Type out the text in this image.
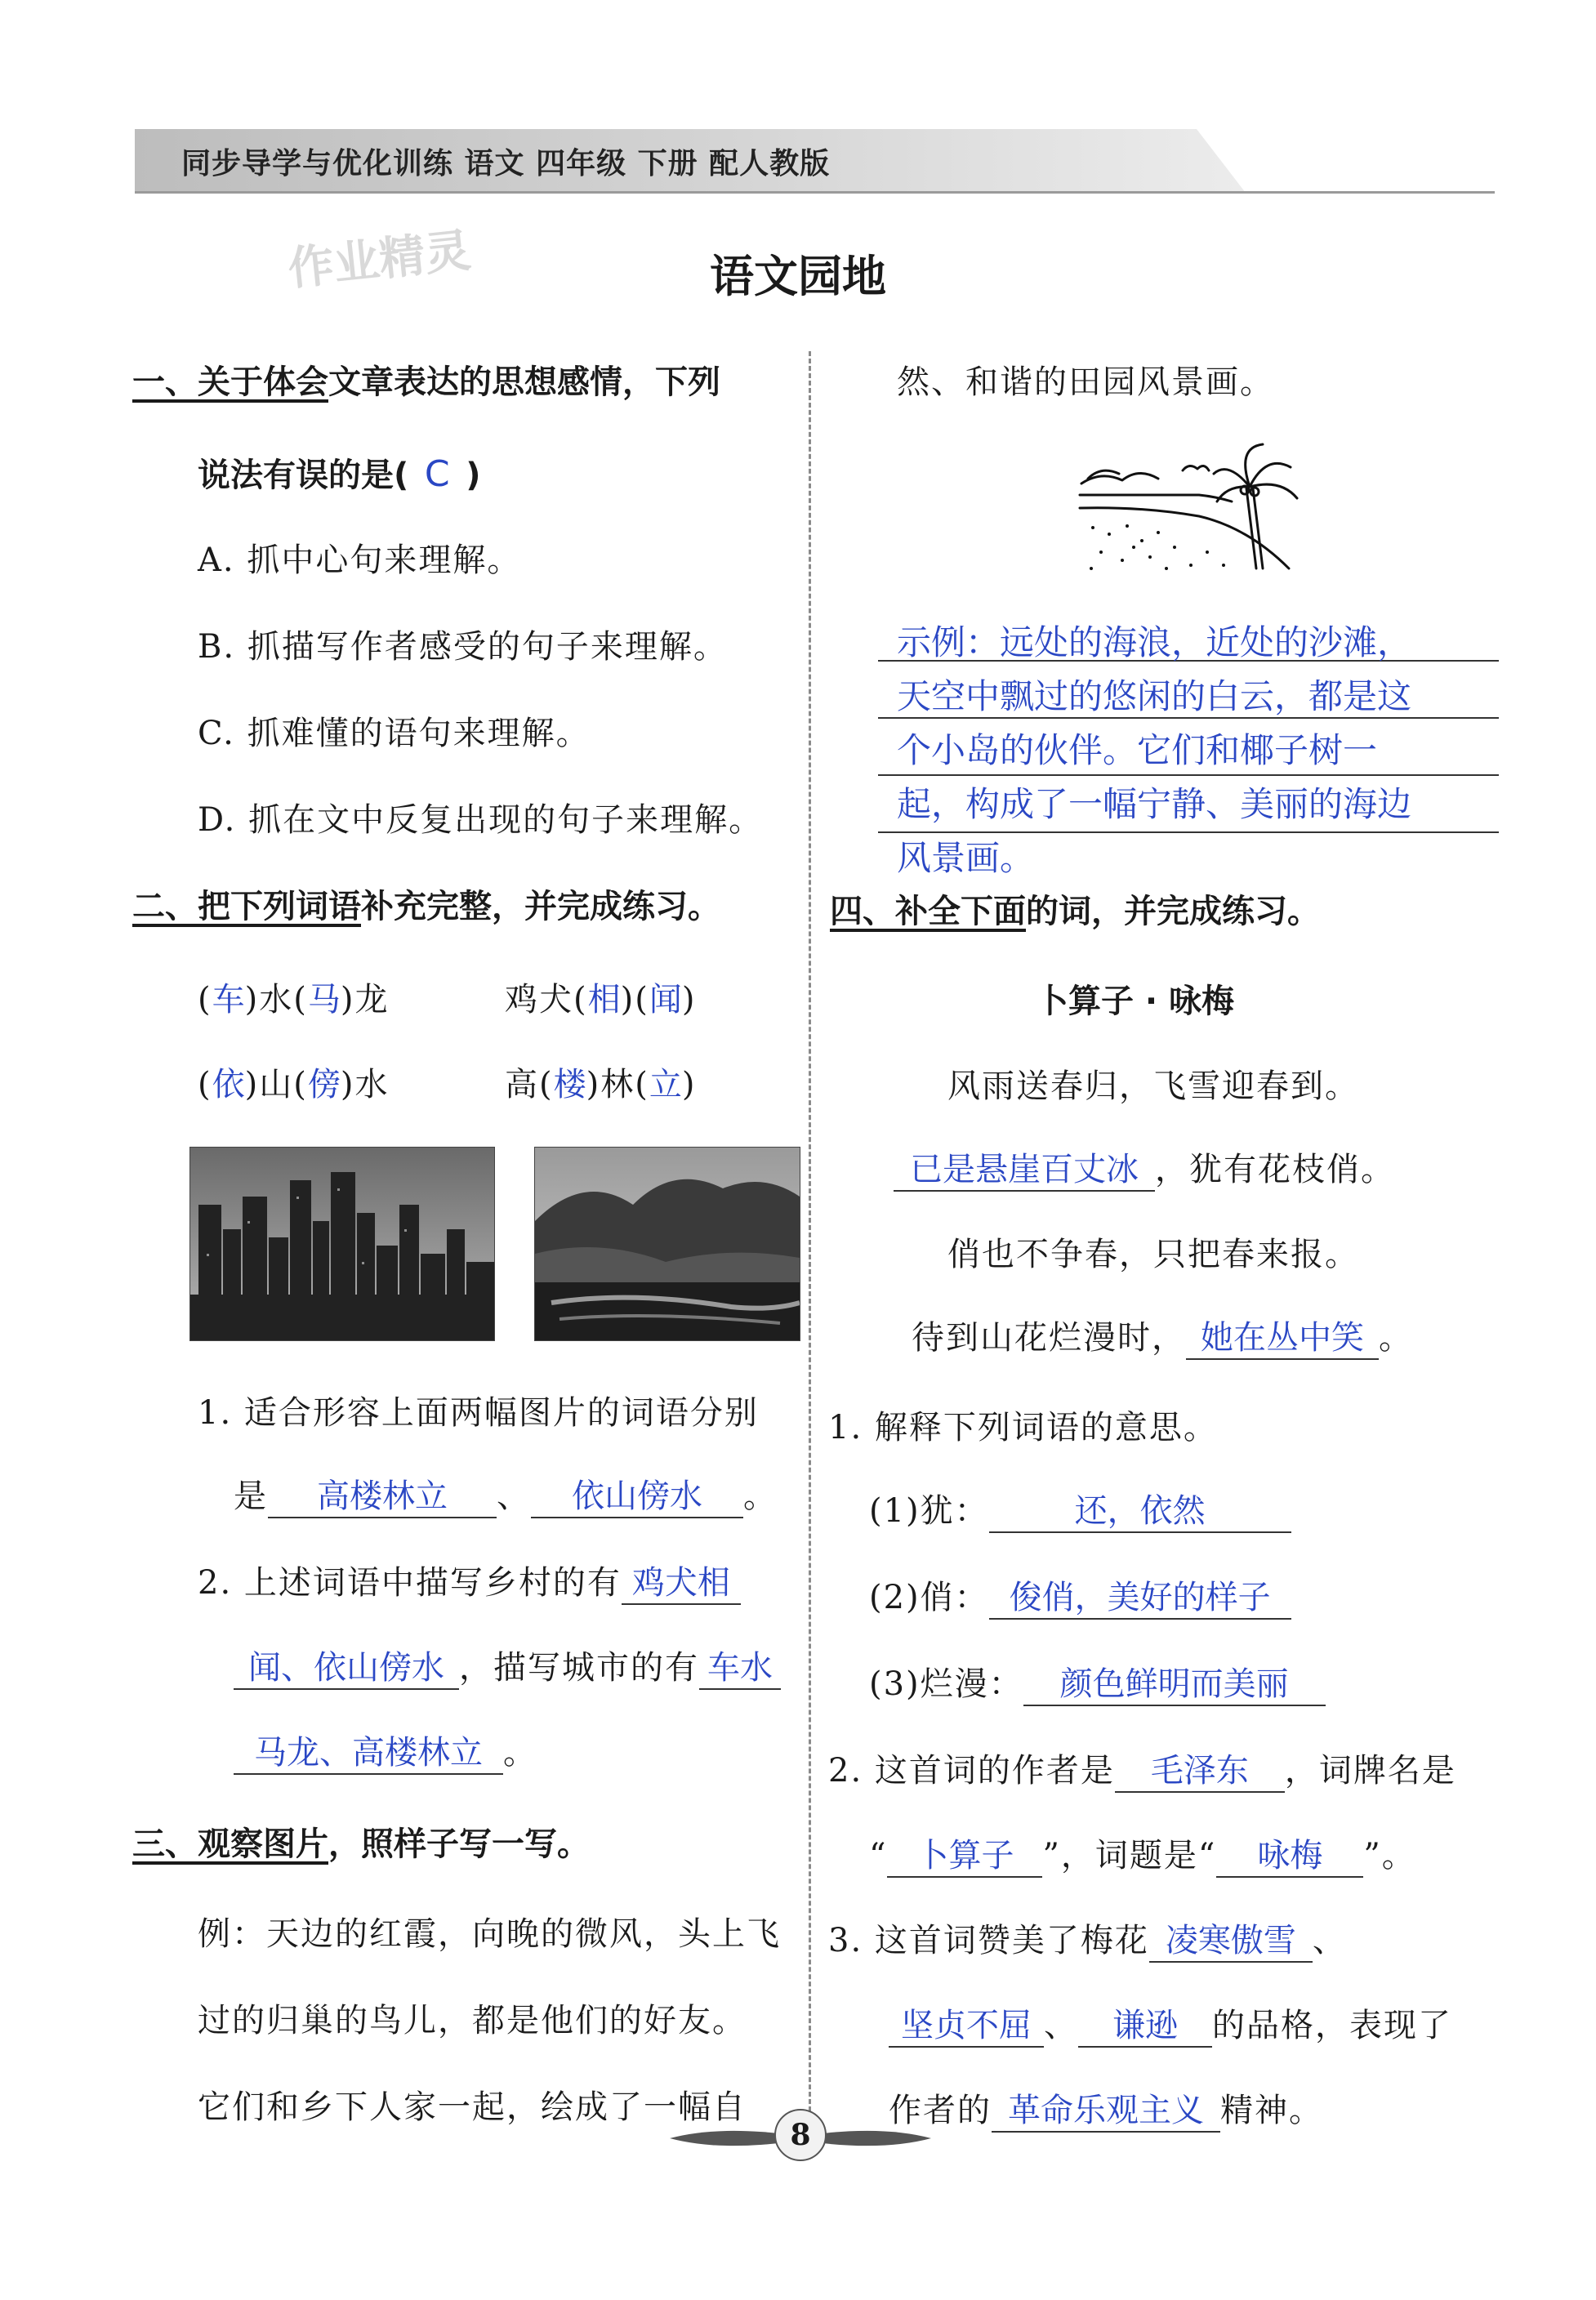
同步导学与优化训练 语文 四年级 下册 配人教版
作业精灵	语文园地
一、关于体会文章表达的思想感情，下列
说法有误的是( C )
A. 抓中心句来理解。
B. 抓描写作者感受的句子来理解。
C. 抓难懂的语句来理解。
D. 抓在文中反复出现的句子来理解。
二、把下列词语补充完整，并完成练习。
(车)水(马)龙	鸡犬(相)(闻)
(依)山(傍)水	高(楼)林(立)
1. 适合形容上面两幅图片的词语分别
是 高楼林立 、 依山傍水 。
2. 上述词语中描写乡村的有 鸡犬相
闻、依山傍水 ，描写城市的有 车水
马龙、高楼林立 。
三、观察图片，照样子写一写。
例：天边的红霞，向晚的微风，头上飞
过的归巢的鸟儿，都是他们的好友。
它们和乡下人家一起，绘成了一幅自
然、和谐的田园风景画。
示例：远处的海浪，近处的沙滩，
天空中飘过的悠闲的白云，都是这
个小岛的伙伴。它们和椰子树一
起，构成了一幅宁静、美丽的海边
风景画。
四、补全下面的词，并完成练习。
卜算子 · 咏梅
风雨送春归，飞雪迎春到。
已是悬崖百丈冰 ，犹有花枝俏。
俏也不争春，只把春来报。
待到山花烂漫时， 她在丛中笑 。
1. 解释下列词语的意思。
(1)犹：	还，依然
(2)俏： 俊俏，美好的样子
(3)烂漫： 颜色鲜明而美丽
2. 这首词的作者是 毛泽东 ，词牌名是
“ 卜算子 ”，词题是“ 咏梅 ”。
3. 这首词赞美了梅花 凌寒傲雪 、
坚贞不屈 、 谦逊 的品格，表现了
作者的 革命乐观主义 精神。
8
